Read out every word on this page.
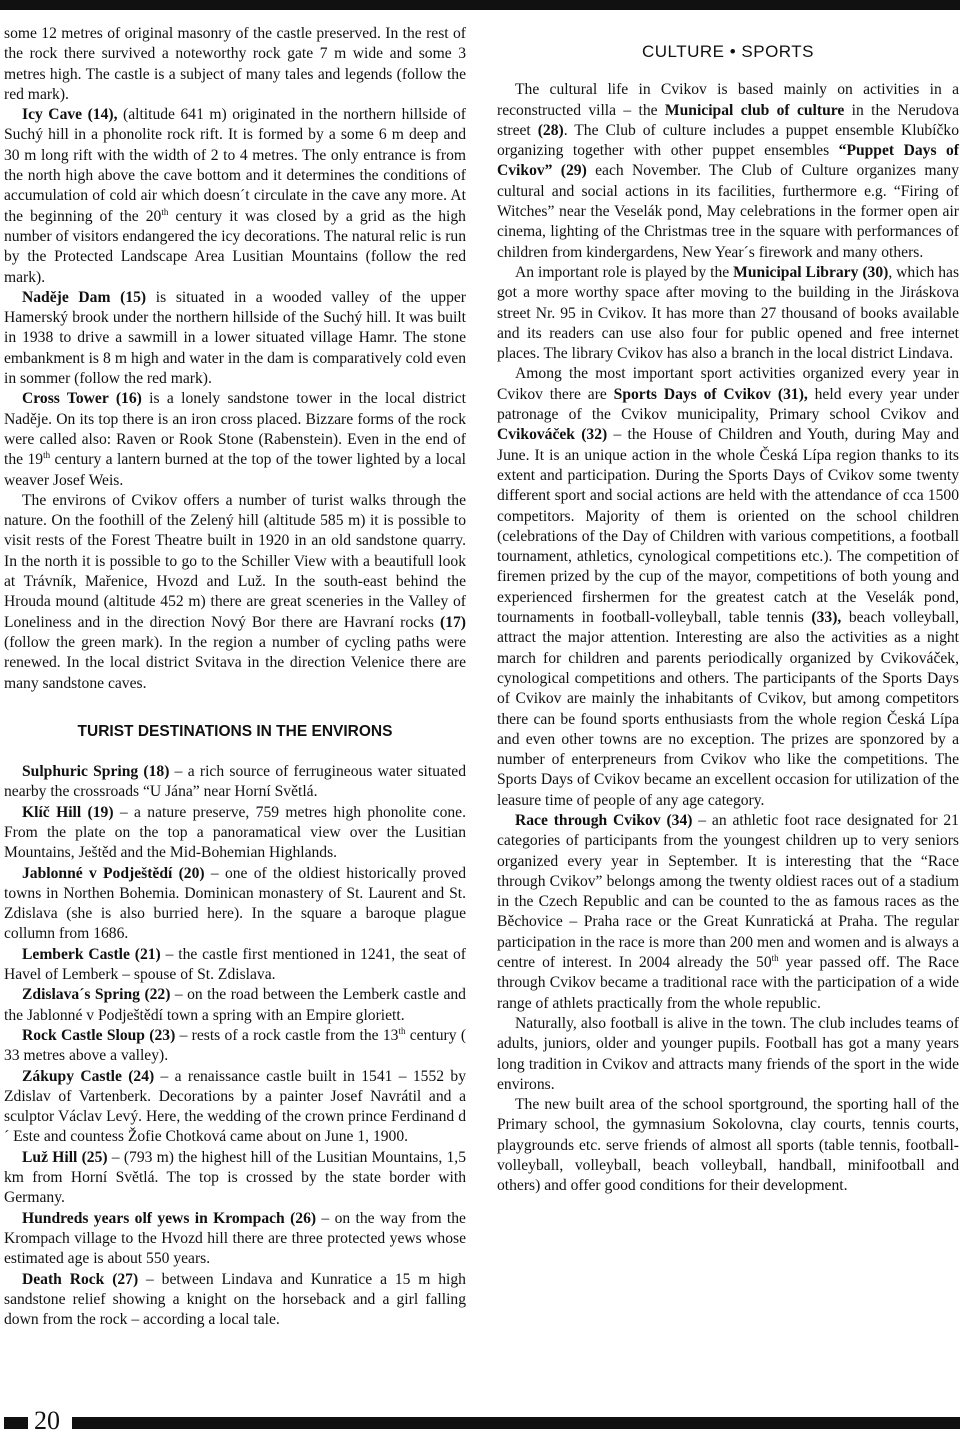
some 12 metres of original masonry of the castle preserved. In the rest of the rock there survived a noteworthy rock gate 7 m wide and some 3 metres high. The castle is a subject of many tales and legends (follow the red mark).

Icy Cave (14), (altitude 641 m) originated in the northern hillside of Suchý hill in a phonolite rock rift. It is formed by a some 6 m deep and 30 m long rift with the width of 2 to 4 metres. The only entrance is from the north high above the cave bottom and it determines the conditions of accumulation of cold air which doesn´t circulate in the cave any more. At the beginning of the 20th century it was closed by a grid as the high number of visitors endangered the icy decorations. The natural relic is run by the Protected Landscape Area Lusitian Mountains (follow the red mark).

Naděje Dam (15) is situated in a wooded valley of the upper Hamerský brook under the northern hillside of the Suchý hill. It was built in 1938 to drive a sawmill in a lower situated village Hamr. The stone embankment is 8 m high and water in the dam is comparatively cold even in sommer (follow the red mark).

Cross Tower (16) is a lonely sandstone tower in the local district Naděje. On its top there is an iron cross placed. Bizzare forms of the rock were called also: Raven or Rook Stone (Rabenstein). Even in the end of the 19th century a lantern burned at the top of the tower lighted by a local weaver Josef Weis.

The environs of Cvikov offers a number of turist walks through the nature. On the foothill of the Zelený hill (altitude 585 m) it is possible to visit rests of the Forest Theatre built in 1920 in an old sandstone quarry. In the north it is possible to go to the Schiller View with a beautifull look at Trávník, Mařenice, Hvozd and Luž. In the south-east behind the Hrouda mound (altitude 452 m) there are great sceneries in the Valley of Loneliness and in the direction Nový Bor there are Havraní rocks (17) (follow the green mark). In the region a number of cycling paths were renewed. In the local district Svitava in the direction Velenice there are many sandstone caves.

TURIST DESTINATIONS IN THE ENVIRONS

Sulphuric Spring (18) – a rich source of ferrugineous water situated nearby the crossroads “U Jána” near Horní Světlá.

Klíč Hill (19) – a nature preserve, 759 metres high phonolite cone. From the plate on the top a panoramatical view over the Lusitian Mountains, Ještěd and the Mid-Bohemian Highlands.

Jablonné v Podještědí (20) – one of the oldiest historically proved towns in Northen Bohemia. Dominican monastery of St. Laurent and St. Zdislava (she is also burried here). In the square a baroque plague collumn from 1686.

Lemberk Castle (21) – the castle first mentioned in 1241, the seat of Havel of Lemberk – spouse of St. Zdislava.

Zdislava´s Spring (22) – on the road between the Lemberk castle and the Jablonné v Podještědí town a spring with an Empire gloriett.

Rock Castle Sloup (23) – rests of a rock castle from the 13th century ( 33 metres above a valley).

Zákupy Castle (24) – a renaissance castle built in 1541 – 1552 by Zdislav of Vartenberk. Decorations by a painter Josef Navrátil and a sculptor Václav Levý. Here, the wedding of the crown prince Ferdinand d´ Este and countess Žofie Chotková came about on June 1, 1900.

Luž Hill (25) – (793 m) the highest hill of the Lusitian Mountains, 1,5 km from Horní Světlá. The top is crossed by the state border with Germany.

Hundreds years olf yews in Krompach (26) – on the way from the Krompach village to the Hvozd hill there are three protected yews whose estimated age is about 550 years.

Death Rock (27) – between Lindava and Kunratice a 15 m high sandstone relief showing a knight on the horseback and a girl falling down from the rock – according a local tale.

CULTURE • SPORTS

The cultural life in Cvikov is based mainly on activities in a reconstructed villa – the Municipal club of culture in the Nerudova street (28). The Club of culture includes a puppet ensemble Klubíčko organizing together with other puppet ensembles “Puppet Days of Cvikov” (29) each November. The Club of Culture organizes many cultural and social actions in its facilities, furthermore e.g. “Firing of Witches” near the Veselák pond, May celebrations in the former open air cinema, lighting of the Christmas tree in the square with performances of children from kindergardens, New Year´s firework and many others.

An important role is played by the Municipal Library (30), which has got a more worthy space after moving to the building in the Jiráskova street Nr. 95 in Cvikov. It has more than 27 thousand of books available and its readers can use also four for public opened and free internet places. The library Cvikov has also a branch in the local district Lindava.

Among the most important sport activities organized every year in Cvikov there are Sports Days of Cvikov (31), held every year under patronage of the Cvikov municipality, Primary school Cvikov and Cvikováček (32) – the House of Children and Youth, during May and June. It is an unique action in the whole Česká Lípa region thanks to its extent and participation. During the Sports Days of Cvikov some twenty different sport and social actions are held with the attendance of cca 1500 competitors. Majority of them is oriented on the school children (celebrations of the Day of Children with various competitions, a football tournament, athletics, cynological competitions etc.). The competition of firemen prized by the cup of the mayor, competitions of both young and experienced firshermen for the greatest catch at the Veselák pond, tournaments in football-volleyball, table tennis (33), beach volleyball, attract the major attention. Interesting are also the activities as a night march for children and parents periodically organized by Cvikováček, cynological competitions and others. The participants of the Sports Days of Cvikov are mainly the inhabitants of Cvikov, but among competitors there can be found sports enthusiasts from the whole region Česká Lípa and even other towns are no exception. The prizes are sponzored by a number of enterpreneurs from Cvikov who like the competitions. The Sports Days of Cvikov became an excellent occasion for utilization of the leasure time of people of any age category.

Race through Cvikov (34) – an athletic foot race designated for 21 categories of participants from the youngest children up to very seniors organized every year in September. It is interesting that the “Race through Cvikov” belongs among the twenty oldiest races out of a stadium in the Czech Republic and can be counted to the as famous races as the Běchovice – Praha race or the Great Kunratická at Praha. The regular participation in the race is more than 200 men and women and is always a centre of interest. In 2004 already the 50th year passed off. The Race through Cvikov became a traditional race with the participation of a wide range of athlets practically from the whole republic.

Naturally, also football is alive in the town. The club includes teams of adults, juniors, older and younger pupils. Football has got a many years long tradition in Cvikov and attracts many friends of the sport in the wide environs.

The new built area of the school sportground, the sporting hall of the Primary school, the gymnasium Sokolovna, clay courts, tennis courts, playgrounds etc. serve friends of almost all sports (table tennis, football-volleyball, volleyball, beach volleyball, handball, minifootball and others) and offer good conditions for their development.

20
